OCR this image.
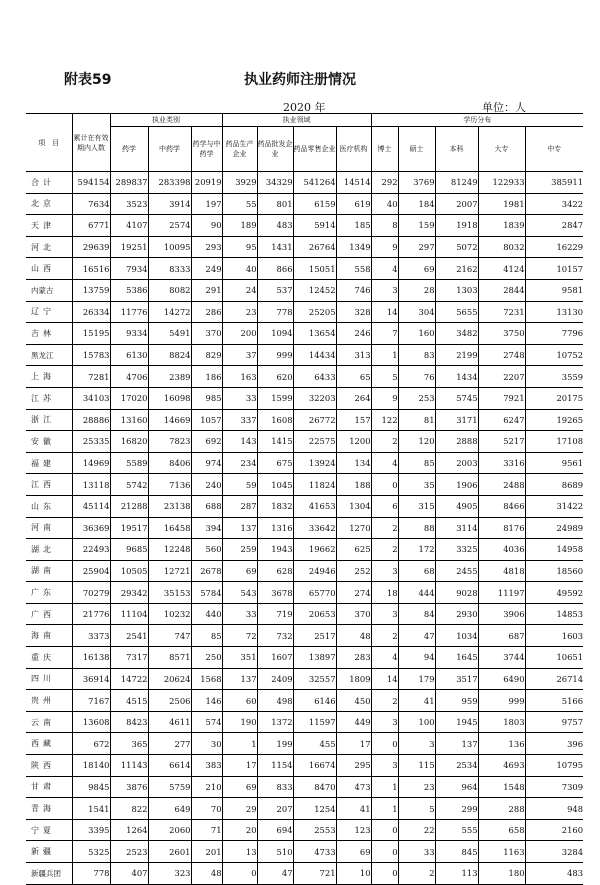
附表59	执业药师注册情况
2020 年	单位：人
项　目	累计在有效期内人数	执业类别			执业领域				学历分布				
		药学	中药学	药学与中药学	药品生产企业	药品批发企业	药品零售企业	医疗机构	博士	硕士	本科	大专	中专
合计	594154	289837	283398	20919	3929	34329	541264	14514	292	3769	81249	122933	385911
北京	7634	3523	3914	197	55	801	6159	619	40	184	2007	1981	3422
天津	6771	4107	2574	90	189	483	5914	185	8	159	1918	1839	2847
河北	29639	19251	10095	293	95	1431	26764	1349	9	297	5072	8032	16229
山西	16516	7934	8333	249	40	866	15051	558	4	69	2162	4124	10157
内蒙古	13759	5386	8082	291	24	537	12452	746	3	28	1303	2844	9581
辽宁	26334	11776	14272	286	23	778	25205	328	14	304	5655	7231	13130
吉林	15195	9334	5491	370	200	1094	13654	246	7	160	3482	3750	7796
黑龙江	15783	6130	8824	829	37	999	14434	313	1	83	2199	2748	10752
上海	7281	4706	2389	186	163	620	6433	65	5	76	1434	2207	3559
江苏	34103	17020	16098	985	33	1599	32203	264	9	253	5745	7921	20175
浙江	28886	13160	14669	1057	337	1608	26772	157	122	81	3171	6247	19265
安徽	25335	16820	7823	692	143	1415	22575	1200	2	120	2888	5217	17108
福建	14969	5589	8406	974	234	675	13924	134	4	85	2003	3316	9561
江西	13118	5742	7136	240	59	1045	11824	188	0	35	1906	2488	8689
山东	45114	21288	23138	688	287	1832	41653	1304	6	315	4905	8466	31422
河南	36369	19517	16458	394	137	1316	33642	1270	2	88	3114	8176	24989
湖北	22493	9685	12248	560	259	1943	19662	625	2	172	3325	4036	14958
湖南	25904	10505	12721	2678	69	628	24946	252	3	68	2455	4818	18560
广东	70279	29342	35153	5784	543	3678	65770	274	18	444	9028	11197	49592
广西	21776	11104	10232	440	33	719	20653	370	3	84	2930	3906	14853
海南	3373	2541	747	85	72	732	2517	48	2	47	1034	687	1603
重庆	16138	7317	8571	250	351	1607	13897	283	4	94	1645	3744	10651
四川	36914	14722	20624	1568	137	2409	32557	1809	14	179	3517	6490	26714
贵州	7167	4515	2506	146	60	498	6146	450	2	41	959	999	5166
云南	13608	8423	4611	574	190	1372	11597	449	3	100	1945	1803	9757
西藏	672	365	277	30	1	199	455	17	0	3	137	136	396
陕西	18140	11143	6614	383	17	1154	16674	295	3	115	2534	4693	10795
甘肃	9845	3876	5759	210	69	833	8470	473	1	23	964	1548	7309
青海	1541	822	649	70	29	207	1254	41	1	5	299	288	948
宁夏	3395	1264	2060	71	20	694	2553	123	0	22	555	658	2160
新疆	5325	2523	2601	201	13	510	4733	69	0	33	845	1163	3284
新疆兵团	778	407	323	48	0	47	721	10	0	2	113	180	483
